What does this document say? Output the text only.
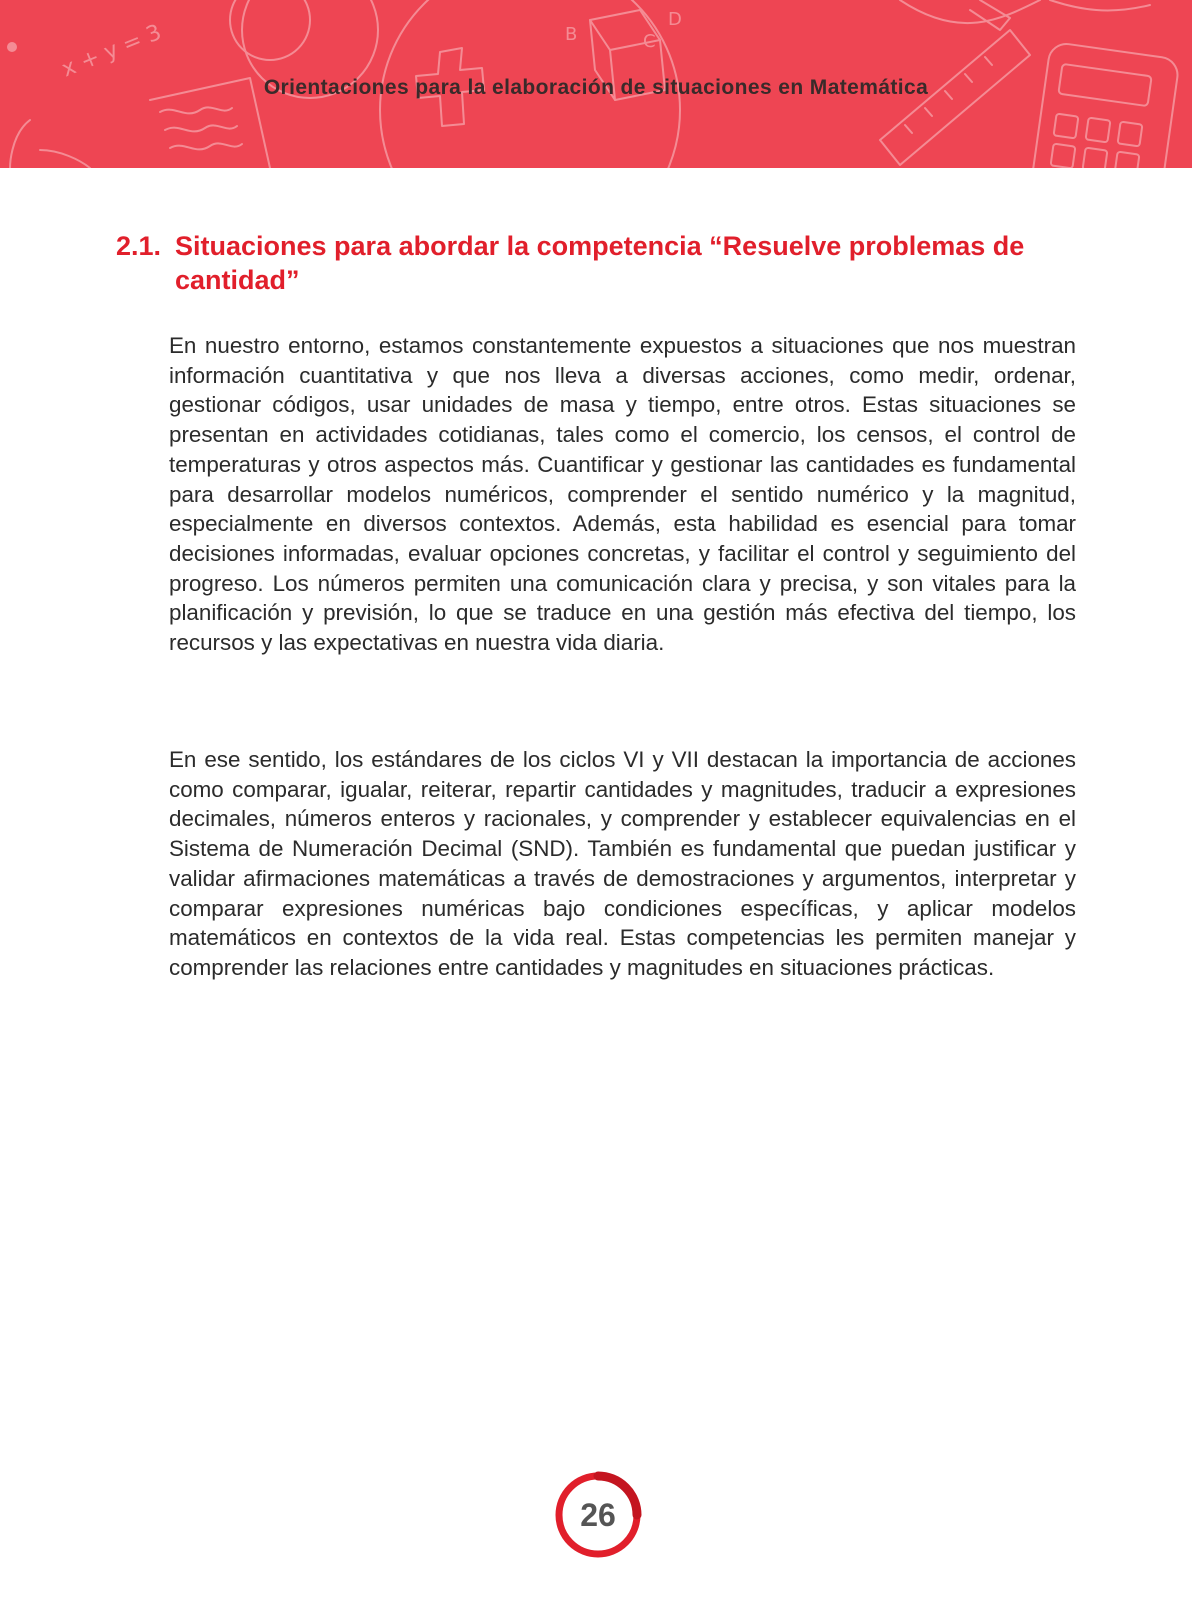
x + y = 3	B	C
D
Orientaciones para la elaboración de situaciones en Matemática
2.1. Situaciones para abordar la competencia “Resuelve problemas de cantidad”

En nuestro entorno, estamos constantemente expuestos a situaciones que nos muestran información cuantitativa y que nos lleva a diversas acciones, como medir, ordenar, gestionar códigos, usar unidades de masa y tiempo, entre otros. Estas situaciones se presentan en actividades cotidianas, tales como el comercio, los censos, el control de temperaturas y otros aspectos más. Cuantificar y gestionar las cantidades es fundamental para desarrollar modelos numéricos, comprender el sentido numérico y la magnitud, especialmente en diversos contextos. Además, esta habilidad es esencial para tomar decisiones informadas, evaluar opciones concretas, y facilitar el control y seguimiento del progreso. Los números permiten una comunicación clara y precisa, y son vitales para la planificación y previsión, lo que se traduce en una gestión más efectiva del tiempo, los recursos y las expectativas en nuestra vida diaria.

En ese sentido, los estándares de los ciclos VI y VII destacan la importancia de acciones como comparar, igualar, reiterar, repartir cantidades y magnitudes, traducir a expresiones decimales, números enteros y racionales, y comprender y establecer equivalencias en el Sistema de Numeración Decimal (SND). También es fundamental que puedan justificar y validar afirmaciones matemáticas a través de demostraciones y argumentos, interpretar y comparar expresiones numéricas bajo condiciones específicas, y aplicar modelos matemáticos en contextos de la vida real. Estas competencias les permiten manejar y comprender las relaciones entre cantidades y magnitudes en situaciones prácticas.

26
